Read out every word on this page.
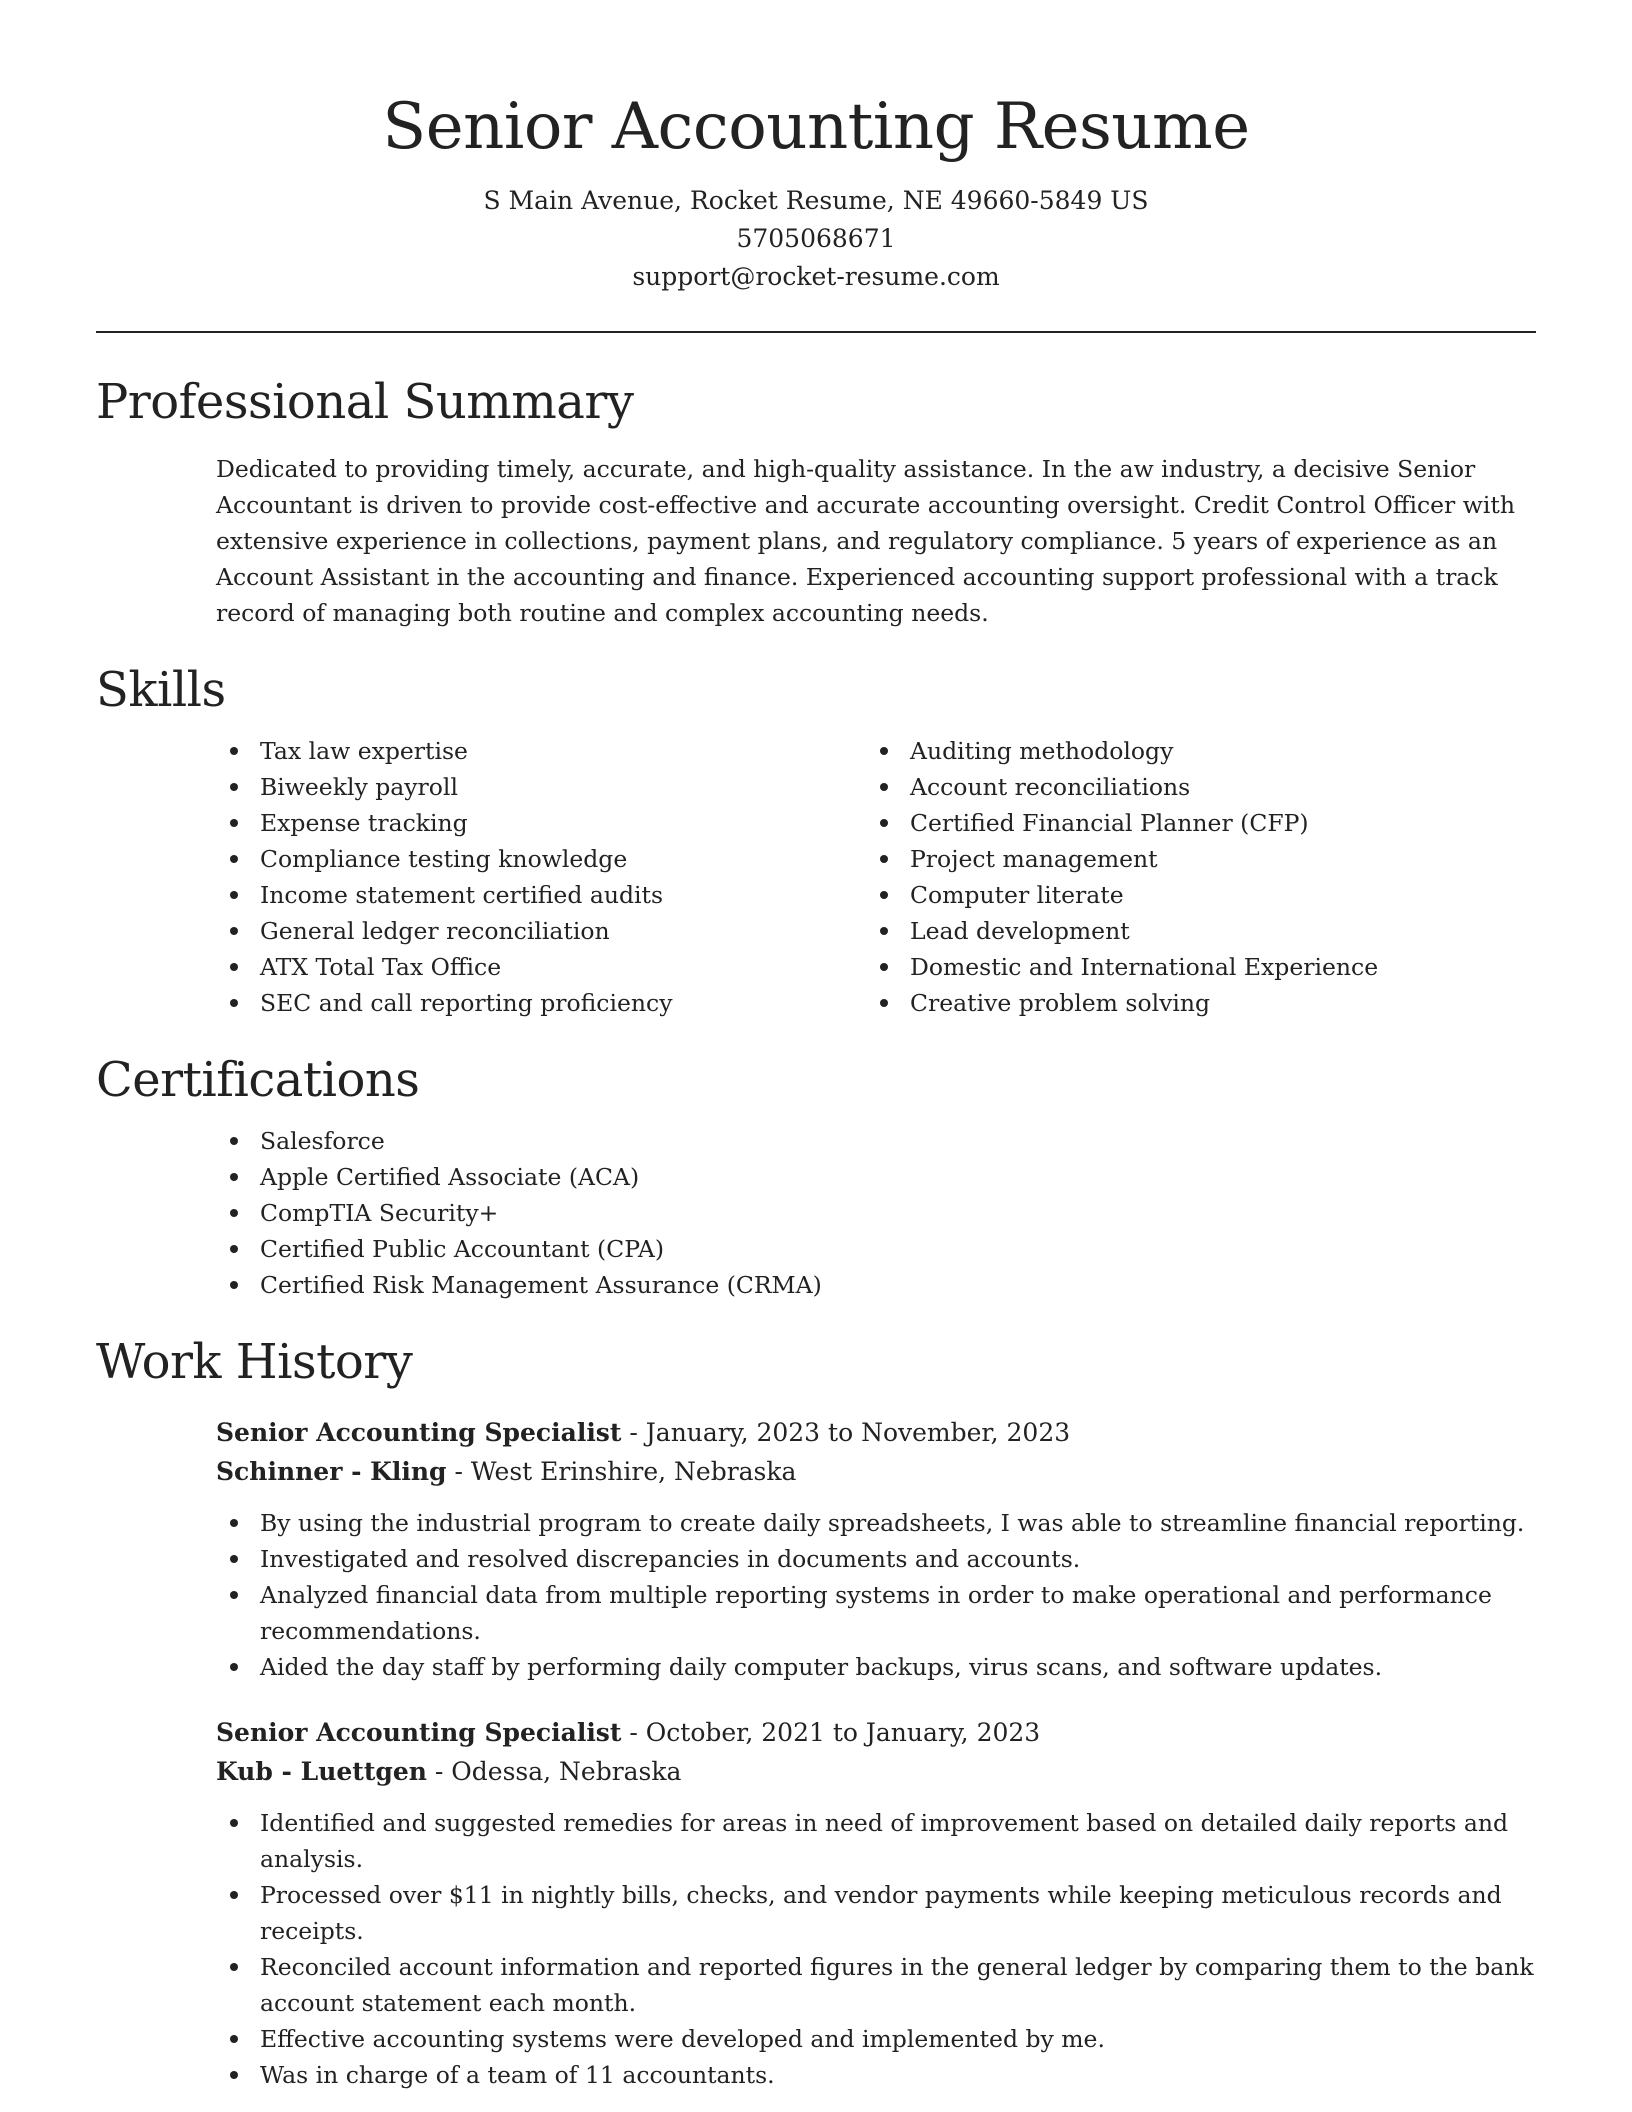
Senior Accounting Resume
S Main Avenue, Rocket Resume, NE 49660-5849 US
5705068671
support@rocket-resume.com
Professional Summary

Dedicated to providing timely, accurate, and high-quality assistance. In the aw industry, a decisive Senior Accountant is driven to provide cost-effective and accurate accounting oversight. Credit Control Officer with extensive experience in collections, payment plans, and regulatory compliance. 5 years of experience as an Account Assistant in the accounting and finance. Experienced accounting support professional with a track record of managing both routine and complex accounting needs.

Skills
Tax law expertise
Biweekly payroll
Expense tracking
Compliance testing knowledge
Income statement certified audits
General ledger reconciliation
ATX Total Tax Office
SEC and call reporting proficiency
Auditing methodology
Account reconciliations
Certified Financial Planner (CFP)
Project management
Computer literate
Lead development
Domestic and International Experience
Creative problem solving
Certifications
Salesforce
Apple Certified Associate (ACA)
CompTIA Security+
Certified Public Accountant (CPA)
Certified Risk Management Assurance (CRMA)
Work History
Senior Accounting Specialist - January, 2023 to November, 2023
Schinner - Kling - West Erinshire, Nebraska
By using the industrial program to create daily spreadsheets, I was able to streamline financial reporting.
Investigated and resolved discrepancies in documents and accounts.
Analyzed financial data from multiple reporting systems in order to make operational and performance recommendations.
Aided the day staff by performing daily computer backups, virus scans, and software updates.
Senior Accounting Specialist - October, 2021 to January, 2023
Kub - Luettgen - Odessa, Nebraska
Identified and suggested remedies for areas in need of improvement based on detailed daily reports and analysis.
Processed over $11 in nightly bills, checks, and vendor payments while keeping meticulous records and receipts.
Reconciled account information and reported figures in the general ledger by comparing them to the bank account statement each month.
Effective accounting systems were developed and implemented by me.
Was in charge of a team of 11 accountants.
